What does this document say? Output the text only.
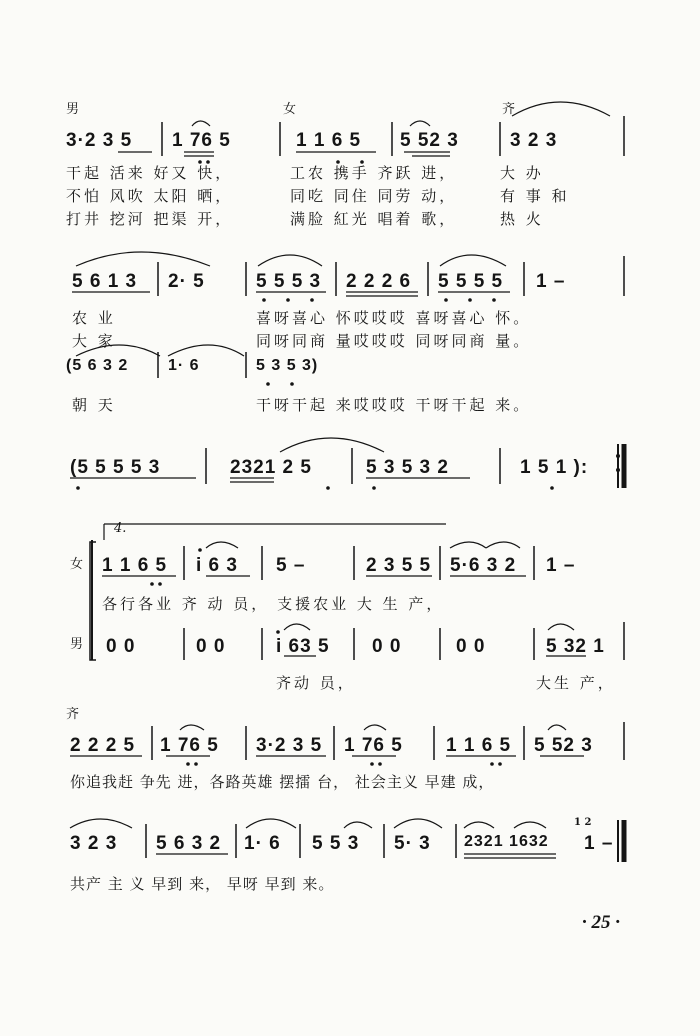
男	女	齐
3·2 3 5 1 76 5	1 1 6 5 5 52 3	3 2 3
干起 活来 好又 快，	工农 携手 齐跃 进，	大 办
不怕 风吹 太阳 晒，	同吃 同住 同劳 动，	有 事 和
打井 挖河 把渠 开，	满脸 紅光 唱着 歌，	热 火
5 6 1 3 2· 5	5 5 5 3 2 2 2 6 5 5 5 5 1 –
农 业	喜呀喜心 怀哎哎哎 喜呀喜心 怀。
大 家	同呀同商 量哎哎哎 同呀同商 量。
(5 6 3 2 1· 6	5 3 5 3)
朝 天	干呀干起 来哎哎哎 干呀干起 来。
(5 5 5 5 3	2321 2 5	5 3 5 3 2	1 5 1 ):
4.
女
男
1 1 6 5 i 6 3 5 –	2 3 5 5 5·6 3 2 1 –
各行各业 齐 动 员， 支援农业 大 生 产，
0 0	0 0	i 63 5 0 0	0 0	5 32 1
齐动 员，	大生 产，
齐
2 2 2 5 1 76 5 3·2 3 5 1 76 5 1 1 6 5 5 52 3
你追我赶 争先 进，各路英雄 摆擂 台， 社会主义 早建 成，
3 2 3 5 6 3 2 1· 6 5 5 3 5· 3 2321 1632
1 2
1 –
共产 主 义 早到 来， 早呀 早到 来。
· 25 ·
